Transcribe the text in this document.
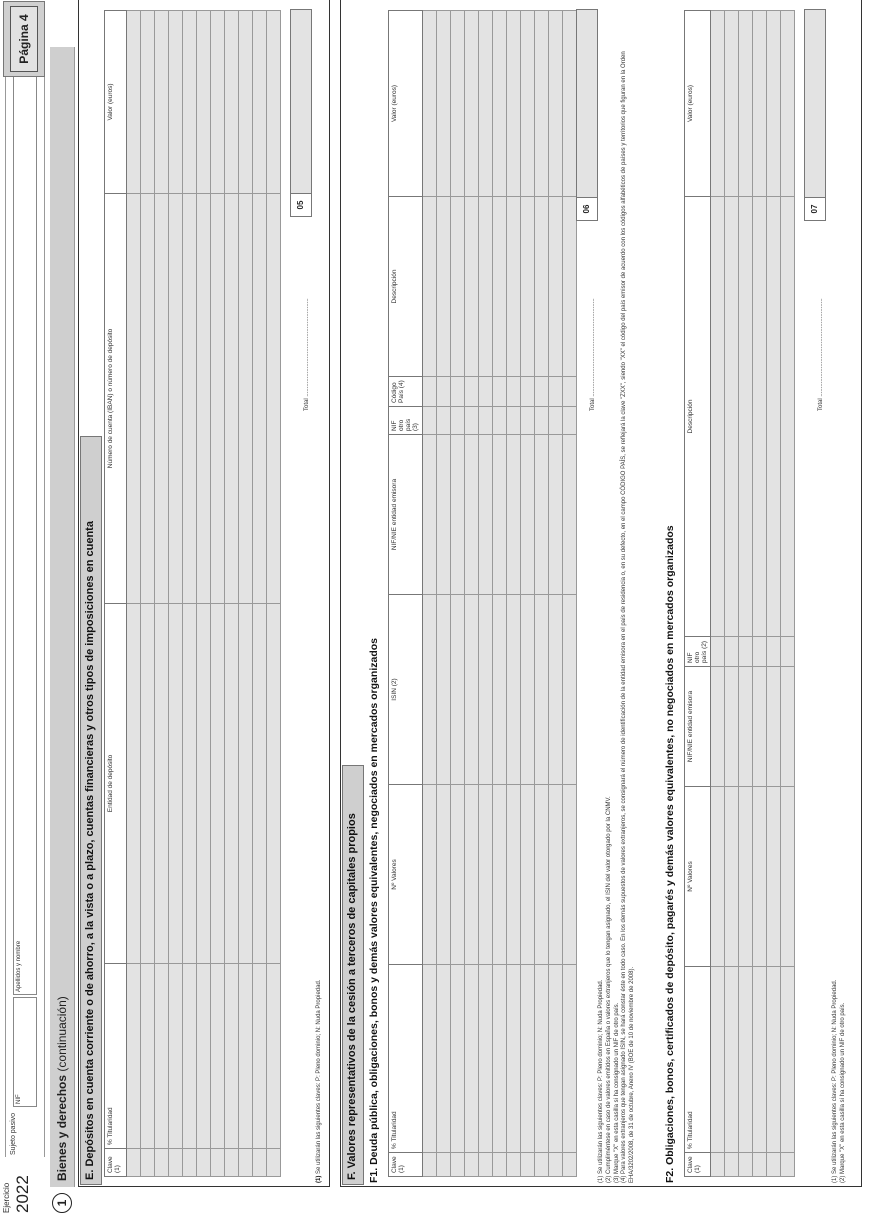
Ejercicio 2022
Sujeto pasivo
NIF
Apellidos y nombre
Página 4
1
Bienes y derechos (continuación) E. Depósitos en cuenta corriente o de ahorro, a la vista o a plazo, cuentas financieras y otros tipos de imposiciones en cuenta Clave (1)	% Titularidad	Entidad de depósito	Número de cuenta (IBAN) o número de depósito	Valor (euros)

Total ...........................................................
05
(1) Se utilizarán las siguientes claves: P: Pleno dominio; N: Nuda Propiedad. F. Valores representativos de la cesión a terceros de capitales propios F1. Deuda pública, obligaciones, bonos y demás valores equivalentes, negociados en mercados organizados Clave (1)	% Titularidad	Nº Valores	ISIN (2)	NIF/NIE entidad emisora	NIF otro país (3)	Código País (4)	Descripción	Valor (euros)

Total ...........................................................
06
(1) Se utilizarán las siguientes claves: P: Pleno dominio; N: Nuda Propiedad. (2) Cumpliméntese en caso de valores emitidos en España o valores extranjeros que lo tengan asignado, el ISIN del valor otorgado por la CNMV. (3) Marque "X" en esta casilla si ha consignado un NIF de otro país. (4) Para valores extranjeros que tengan asignado ISIN, se hará constar éste en todo caso. En los demás supuestos de valores extranjeros, se consignará el número de identificación de la entidad emisora en el país de residencia o, en su defecto, en el campo CÓDIGO PAÍS, se reflejará la clave "ZXX", siendo "XX" el código del país emisor de acuerdo con los códigos alfabéticos de países y territorios que figuran en la Orden EHA/3202/2008, de 31 de octubre, Anexo IV (BOE de 10 de noviembre de 2008).	F2. Obligaciones, bonos, certificados de depósito, pagarés y demás valores equivalentes, no negociados en mercados organizados Clave (1)	% Titularidad	Nº Valores	NIF/NIE entidad emisora	NIF otro país (2)	Descripción	Valor (euros)

Total ...........................................................
07
(1) Se utilizarán las siguientes claves: P: Pleno dominio; N: Nuda Propiedad. (2) Marque "X" en esta casilla si ha consignado un NIF de otro país.
